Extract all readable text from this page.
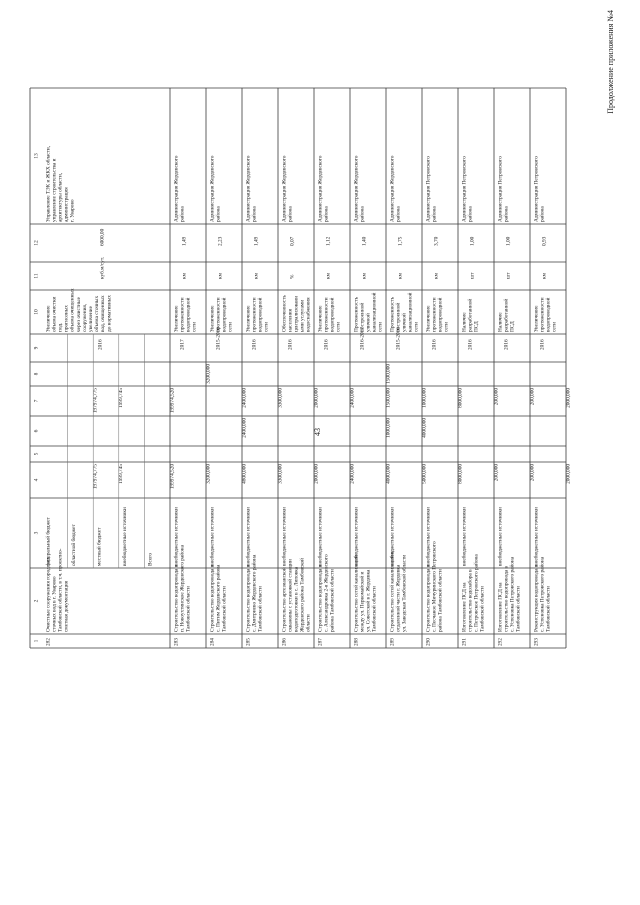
43
Продолжение приложения №4
1
2
3
4
5
6
7
8
9
10
11
12
13
282
Очистные сооружения городскихсточных вод в г. УваровоТамбовской области, в т.ч. проектно-сметная документация
федеральный бюджет	областной бюджет
197974,775
197974,775
местный бюджет
1999,745
1999,745
внебюджетные источники	Всего
199974,520
199974,520
2016
Увеличениеобъема очисткипод.прогнозныхобъема очищенныхчерез очистныесооружения,увеличениеобъема сточныхвод, очищенныхдо нормативных
куб.м/сут.
6000,00
Управление ТЭК и ЖКХ области,управление строительства иархитектуры области,администрацияг. Уварово
283
Строительство водопровода вп. Новоухтинское Жердевского районаТамбовской области
внебюджетные источники
3200,000
3200,000
2017
Увеличениепротяженностиводопроводнойсети
км
1,49
Администрация Жердевскогорайона
284
Строительство водопровода вс. Питим Жердевского районаТамбовской области
внебюджетные источники
4800,000
2400,000
2400,000
2015-2016
Увеличениепротяженностиводопроводнойсети
км
2,23
Администрация Жердевскогорайона
285
Строительство водопровода вс. Дмитриево Жердевского районаТамбовской области
внебюджетные источники
3300,000
3300,000
2016
Увеличениепротяженностиводопроводнойсети
км
1,49
Администрация Жердевскогорайона
286
Строительство артезианскойскважины с установкой станцииводоподготовки в с. ЛиповкаЖердевского района Тамбовскойобласти
внебюджетные источники
2000,000
2000,000
2016
Обеспеченностьнаселенияцентрализованными услугамиводоснабжения
%
0,07
Администрация Жердевскогорайона
287
Строительство водопровода вс. Александровка 2-я Жердевскогорайона Тамбовской области
внебюджетные источники
2400,000
2400,000
2016
Увеличениепротяженностиводопроводнойсети
км
1,12
Администрация Жердевскогорайона
288
Строительство сетей канализациимежду ул. Первомайской иул. Советской в г. ЖердевкаТамбовской области
внебюджетные источники
4000,000
1000,000
1500,000
1500,000
2016-2017
Протяженностьпостроеннойуличнойканализационнойсети
км
1,40
Администрация Жердевскогорайона
289
Строительство сетей канализации вотдаленной части г. Жердевкаул. Заводская Тамбовской области
внебюджетные источники
5000,000
4000,000
1000,000
2015-2016
Протяженностьпостроеннойуличнойканализационнойсети
км
1,75
Администрация Жердевскогорайона
290
Строительство водопровода вс. Песчаное Мичуринского Петровскогорайона Тамбовской области
внебюджетные источники
8000,000
8000,000
2016
Увеличениепротяженностиводопроводнойсети
км
3,70
Администрация Петровскогорайона
291
Изготовление ПСД настроительство водозабора вс. Петровское Петровского районаТамбовской области
внебюджетные источники
200,000
200,000
2016
НаличиеразработаннойПСД
шт
1,00
Администрация Петровскогорайона
292
Изготовление ПСД настроительство водопровода вс. Успеновка Петровского районаТамбовской области
внебюджетные источники
200,000
200,000
2016
НаличиеразработаннойПСД
шт
1,00
Администрация Петровскогорайона
293
Реконструкция водопровода вс. Успеновка Петровского районаТамбовской области
внебюджетные источники
2000,000
2000,000
2016
Увеличениепротяженностиводопроводнойсети
км
0,93
Администрация Петровскогорайона
